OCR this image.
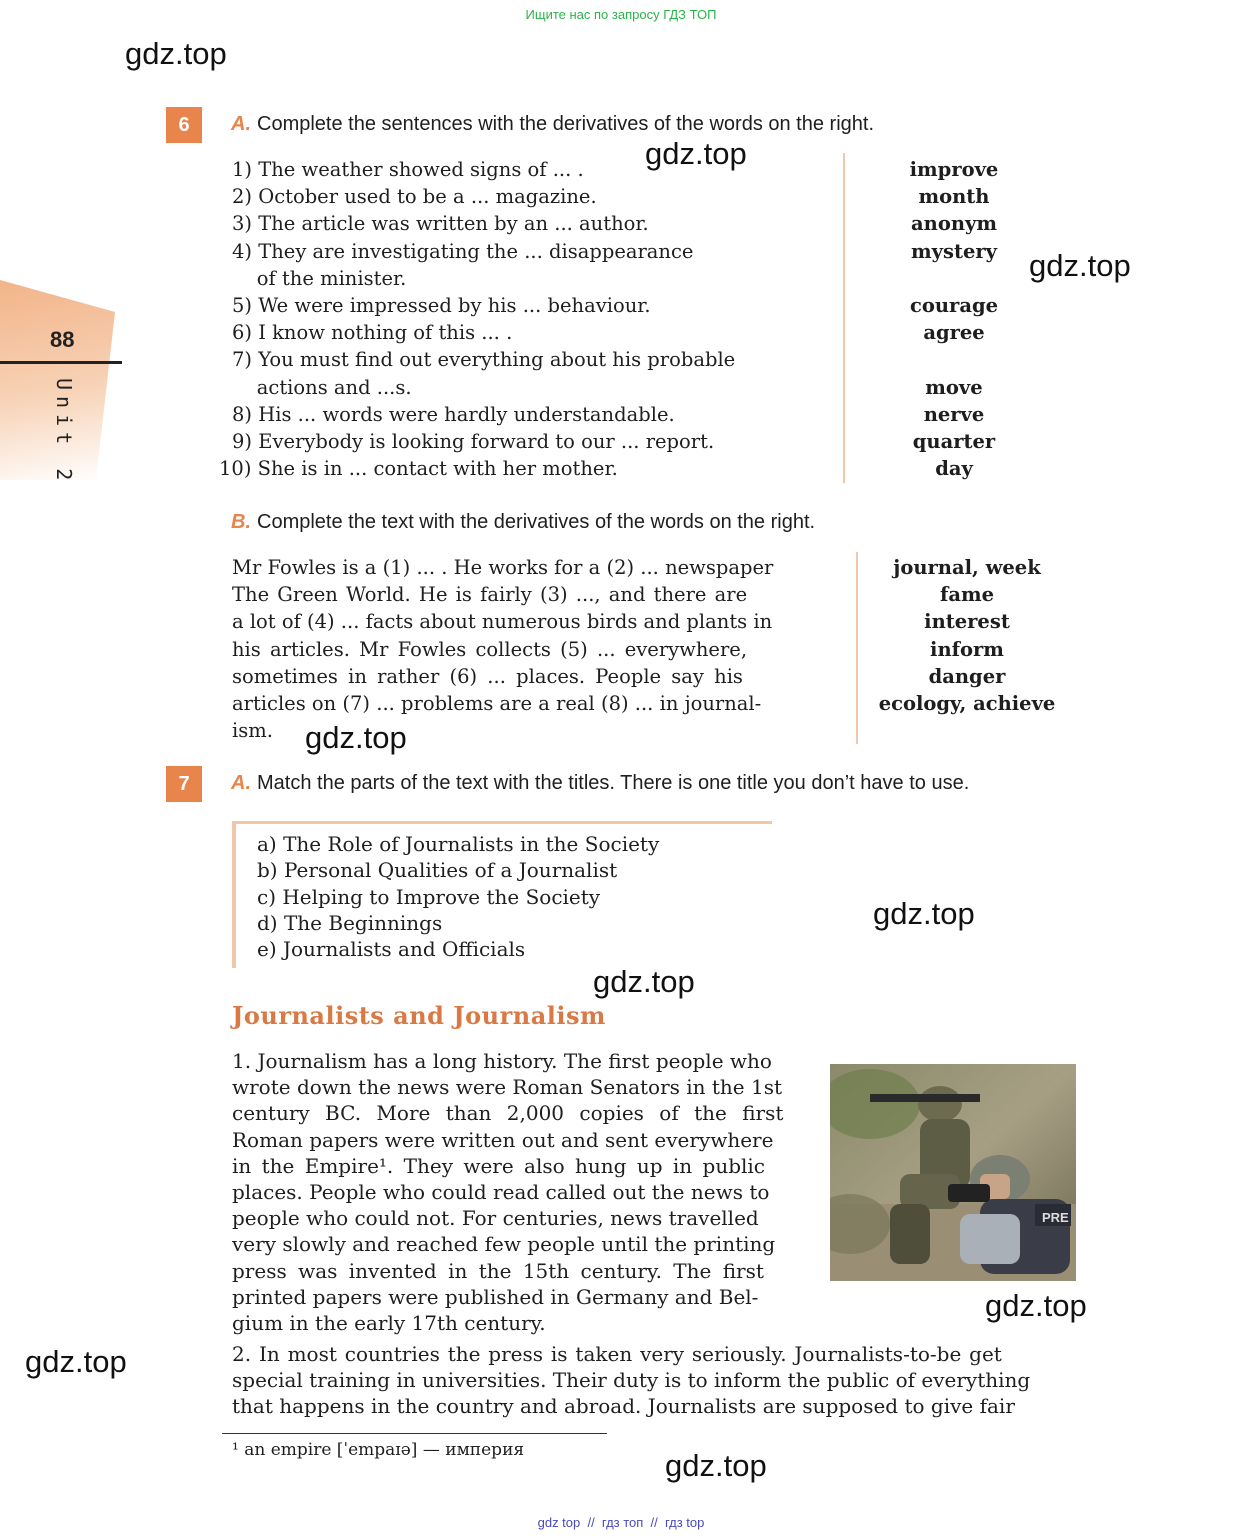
Ищите нас по запросу ГДЗ ТОП
88
Unit 2
6	A. Complete the sentences with the derivatives of the words on the right.
1) The weather showed signs of ... .
2) October used to be a ... magazine.
3) The article was written by an ... author.
4) They are investigating the ... disappearance
of the minister.
5) We were impressed by his ... behaviour.
6) I know nothing of this ... .
7) You must find out everything about his probable
actions and ...s.
8) His ... words were hardly understandable.
9) Everybody is looking forward to our ... report.
10) She is in ... contact with her mother.
improve
month
anonym
mystery
courage
agree
move
nerve
quarter
day
B. Complete the text with the derivatives of the words on the right.
Mr Fowles is a (1) ... . He works for a (2) ... newspaper
The Green World. He is fairly (3) ..., and there are
a lot of (4) ... facts about numerous birds and plants in
his articles. Mr Fowles collects (5) ... everywhere,
sometimes in rather (6) ... places. People say his
articles on (7) ... problems are a real (8) ... in journal-
ism.
journal, week
fame
interest
inform
danger
ecology, achieve
7	A. Match the parts of the text with the titles. There is one title you don’t have to use.
a) The Role of Journalists in the Society
b) Personal Qualities of a Journalist
c) Helping to Improve the Society
d) The Beginnings
e) Journalists and Officials
Journalists and Journalism
1. Journalism has a long history. The first people who
wrote down the news were Roman Senators in the 1st
century BC. More than 2,000 copies of the first
Roman papers were written out and sent everywhere
in the Empire¹. They were also hung up in public
places. People who could read called out the news to
people who could not. For centuries, news travelled
very slowly and reached few people until the printing
press was invented in the 15th century. The first
printed papers were published in Germany and Bel-
gium in the early 17th century.
PRE
2. In most countries the press is taken very seriously. Journalists-to-be get
special training in universities. Their duty is to inform the public of everything
that happens in the country and abroad. Journalists are supposed to give fair
¹ an empire [ˈempaɪə] — империя
gdz.top
gdz.top
gdz.top
gdz.top
gdz.top
gdz.top
gdz.top
gdz.top
gdz.top
gdz top  //  гдз топ  //  гдз top
